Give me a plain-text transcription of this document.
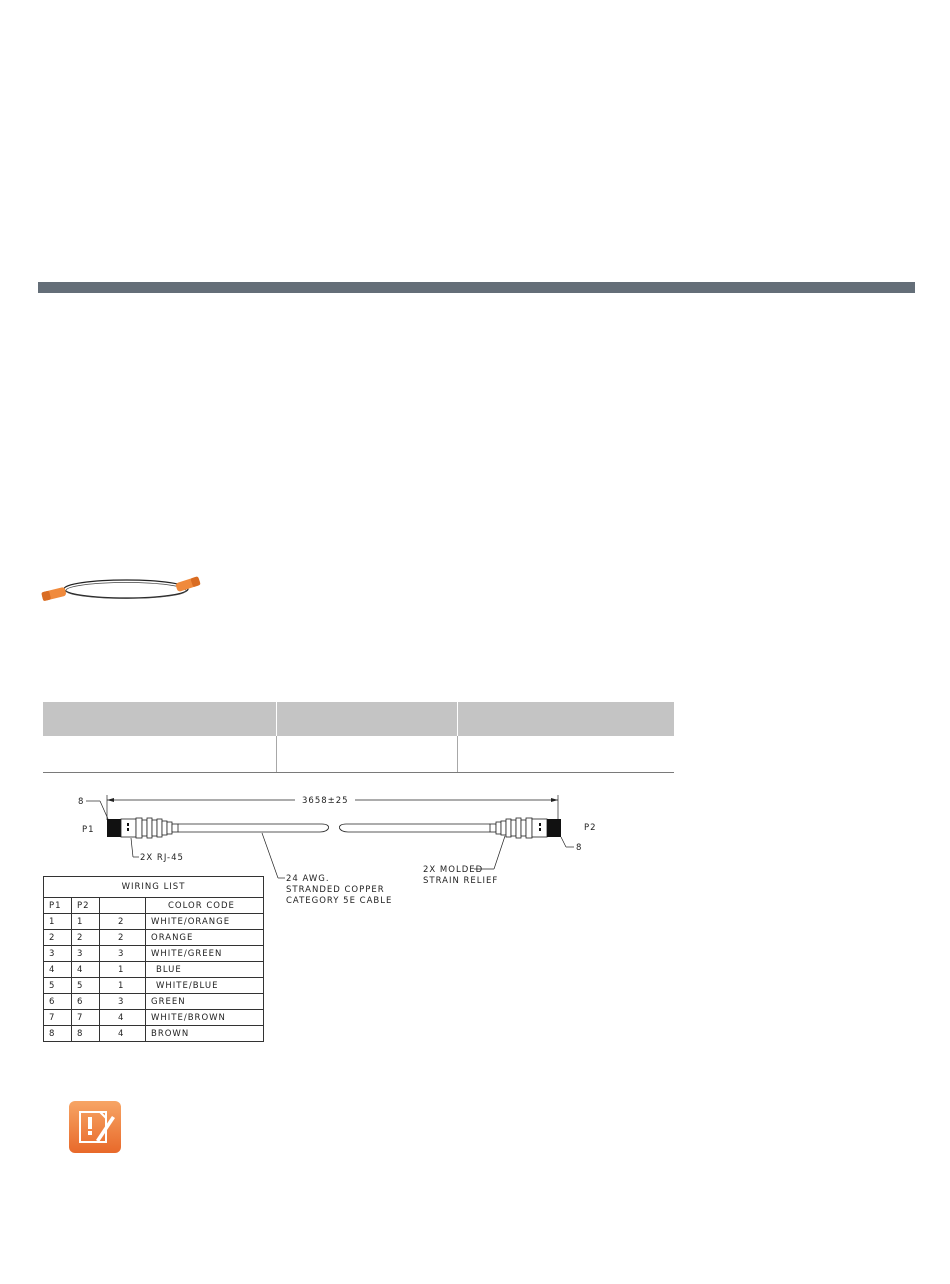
3658±25
8
P1	P2
8
2X RJ-45
24 AWG.
STRANDED COPPER
CATEGORY 5E CABLE
2X MOLDED
STRAIN RELIEF
WIRING LIST			
P1	P2		COLOR CODE
1	1	2	WHITE/ORANGE
2	2	2	ORANGE
3	3	3	WHITE/GREEN
4	4	1	BLUE
5	5	1	WHITE/BLUE
6	6	3	GREEN
7	7	4	WHITE/BROWN
8	8	4	BROWN
